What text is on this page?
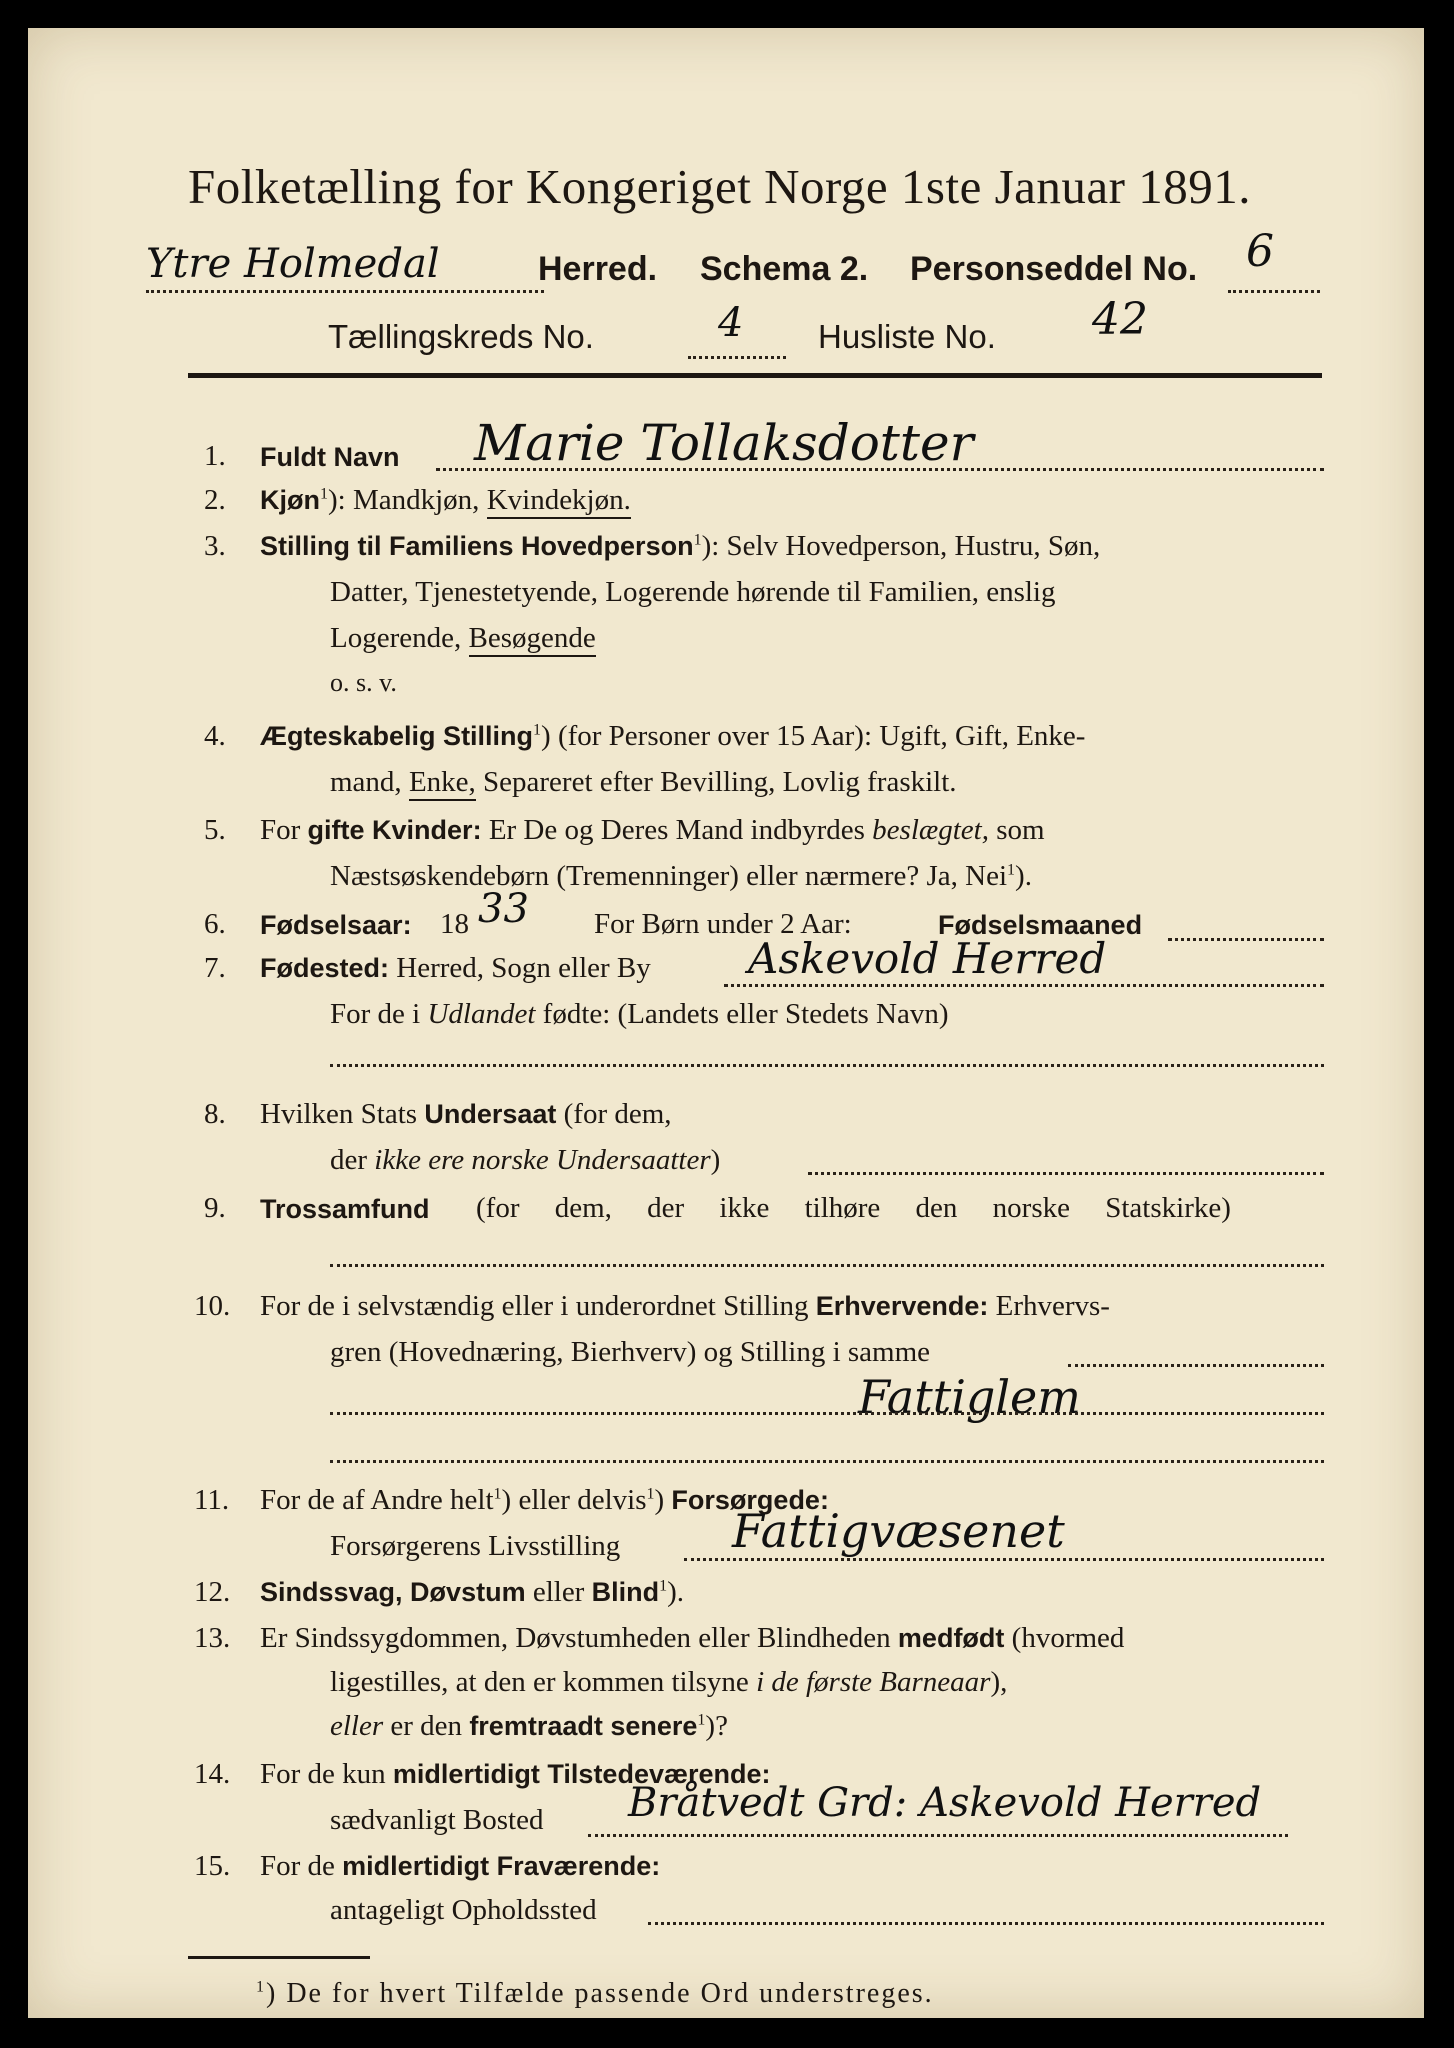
Folketælling for Kongeriget Norge 1ste Januar 1891.
Ytre Holmedal	Herred. Schema 2. Personseddel No. 6
Tællingskreds No.	4 Husliste No. 42
1. Fuldt Navn Marie Tollaksdotter
2. Kjøn$^1$): Mandkjøn, Kvindekjøn.
3. Stilling til Familiens Hovedperson$^1$): Selv Hovedperson, Hustru, Søn,
Datter, Tjenestetyende, Logerende hørende til Familien, enslig
Logerende, Besøgende
o. s. v.
4. Ægteskabelig Stilling$^1$) (for Personer over 15 Aar): Ugift, Gift, Enke-
mand, Enke, Separeret efter Bevilling, Lovlig fraskilt.
5. For gifte Kvinder: Er De og Deres Mand indbyrdes beslægtet, som
Næstsøskendebørn (Tremenninger) eller nærmere? Ja, Nei$^1$).
6. Fødselsaar: 18 33 For Børn under 2 Aar:	Fødselsmaaned
7. Fødested: Herred, Sogn eller By Askevold Herred
For de i Udlandet fødte: (Landets eller Stedets Navn)
8. Hvilken Stats Undersaat (for dem,
der ikke ere norske Undersaatter)
9. Trossamfund (for dem, der ikke tilhøre den norske Statskirke)
10. For de i selvstændig eller i underordnet Stilling Erhvervende: Erhvervs-
gren (Hovednæring, Bierhverv) og Stilling i samme
Fattiglem
11. For de af Andre helt$^1$) eller delvis$^1$) Forsørgede:
Forsørgerens Livsstilling Fattigvæsenet
12. Sindssvag, Døvstum eller Blind$^1$).
13. Er Sindssygdommen, Døvstumheden eller Blindheden medfødt (hvormed
ligestilles, at den er kommen tilsyne i de første Barneaar),
eller er den fremtraadt senere$^1$)?
14. For de kun midlertidigt Tilstedeværende:
sædvanligt Bosted Bråtvedt Grd: Askevold Herred
15. For de midlertidigt Fraværende:
antageligt Opholdssted
$^1$) De for hvert Tilfælde passende Ord understreges.
